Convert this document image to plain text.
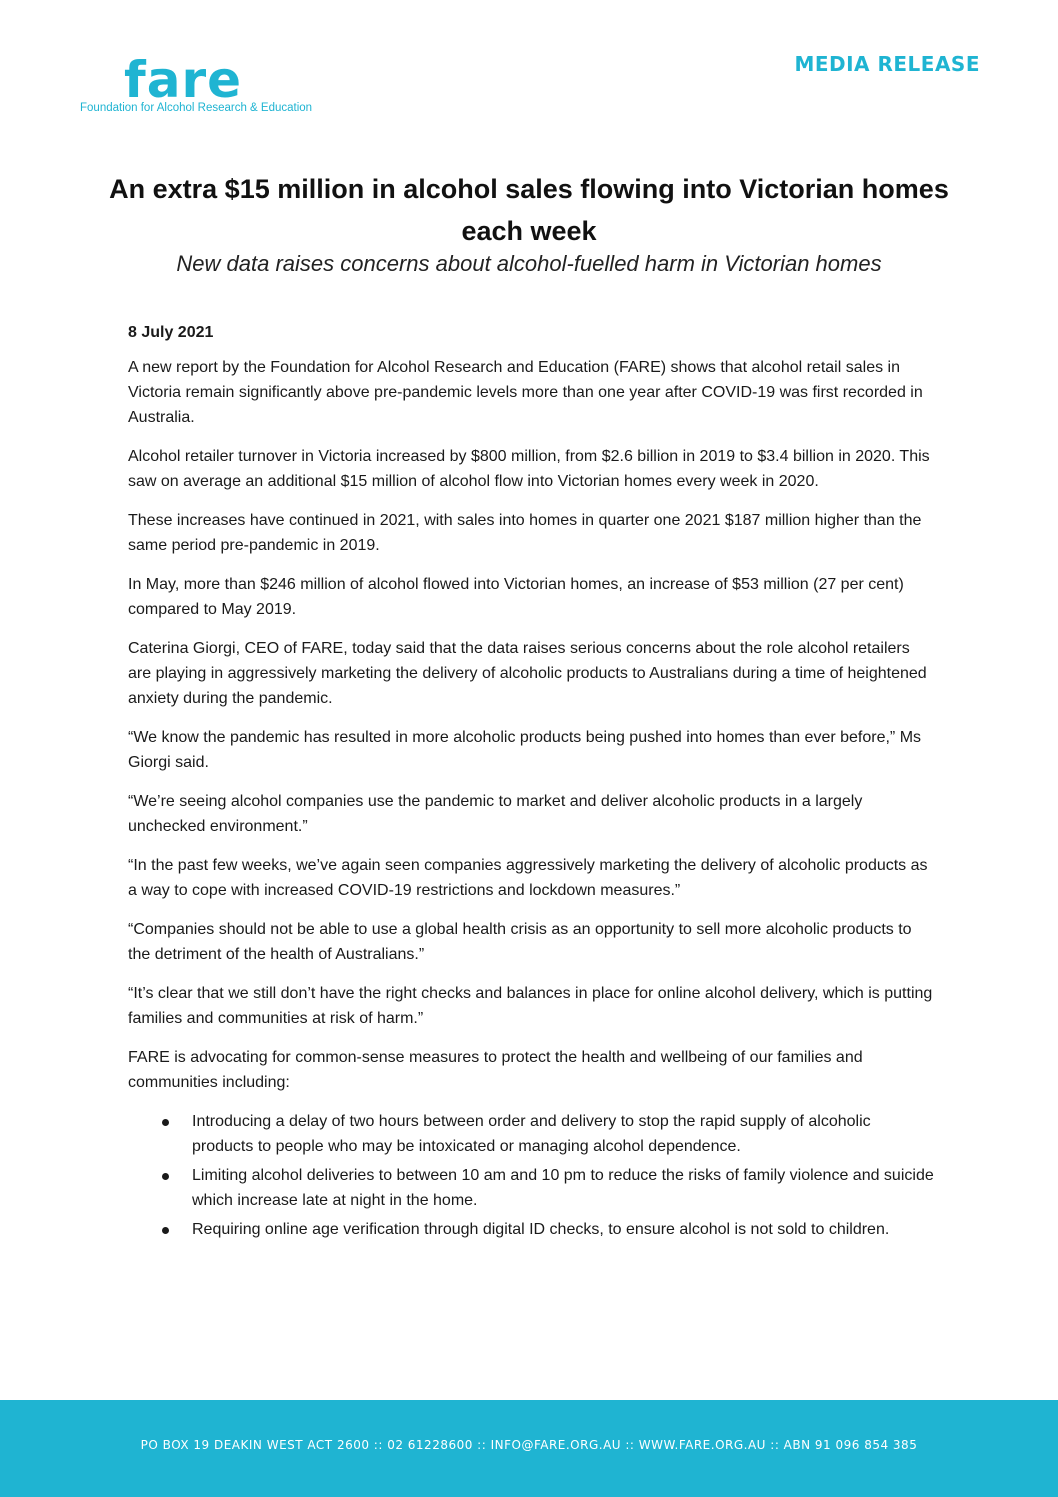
fare
Foundation for Alcohol Research & Education
MEDIA RELEASE
An extra $15 million in alcohol sales flowing into Victorian homes each week
New data raises concerns about alcohol-fuelled harm in Victorian homes
8 July 2021

A new report by the Foundation for Alcohol Research and Education (FARE) shows that alcohol retail sales in Victoria remain significantly above pre-pandemic levels more than one year after COVID-19 was first recorded in Australia.

Alcohol retailer turnover in Victoria increased by $800 million, from $2.6 billion in 2019 to $3.4 billion in 2020. This saw on average an additional $15 million of alcohol flow into Victorian homes every week in 2020.

These increases have continued in 2021, with sales into homes in quarter one 2021 $187 million higher than the same period pre-pandemic in 2019.

In May, more than $246 million of alcohol flowed into Victorian homes, an increase of $53 million (27 per cent) compared to May 2019.

Caterina Giorgi, CEO of FARE, today said that the data raises serious concerns about the role alcohol retailers are playing in aggressively marketing the delivery of alcoholic products to Australians during a time of heightened anxiety during the pandemic.

“We know the pandemic has resulted in more alcoholic products being pushed into homes than ever before,” Ms Giorgi said.

“We’re seeing alcohol companies use the pandemic to market and deliver alcoholic products in a largely unchecked environment.”

“In the past few weeks, we’ve again seen companies aggressively marketing the delivery of alcoholic products as a way to cope with increased COVID-19 restrictions and lockdown measures.”

“Companies should not be able to use a global health crisis as an opportunity to sell more alcoholic products to the detriment of the health of Australians.”

“It’s clear that we still don’t have the right checks and balances in place for online alcohol delivery, which is putting families and communities at risk of harm.”

FARE is advocating for common-sense measures to protect the health and wellbeing of our families and communities including:

Introducing a delay of two hours between order and delivery to stop the rapid supply of alcoholic products to people who may be intoxicated or managing alcohol dependence.
Limiting alcohol deliveries to between 10 am and 10 pm to reduce the risks of family violence and suicide which increase late at night in the home.
Requiring online age verification through digital ID checks, to ensure alcohol is not sold to children.
PO BOX 19 DEAKIN WEST ACT 2600 :: 02 61228600 :: INFO@FARE.ORG.AU :: WWW.FARE.ORG.AU :: ABN 91 096 854 385
